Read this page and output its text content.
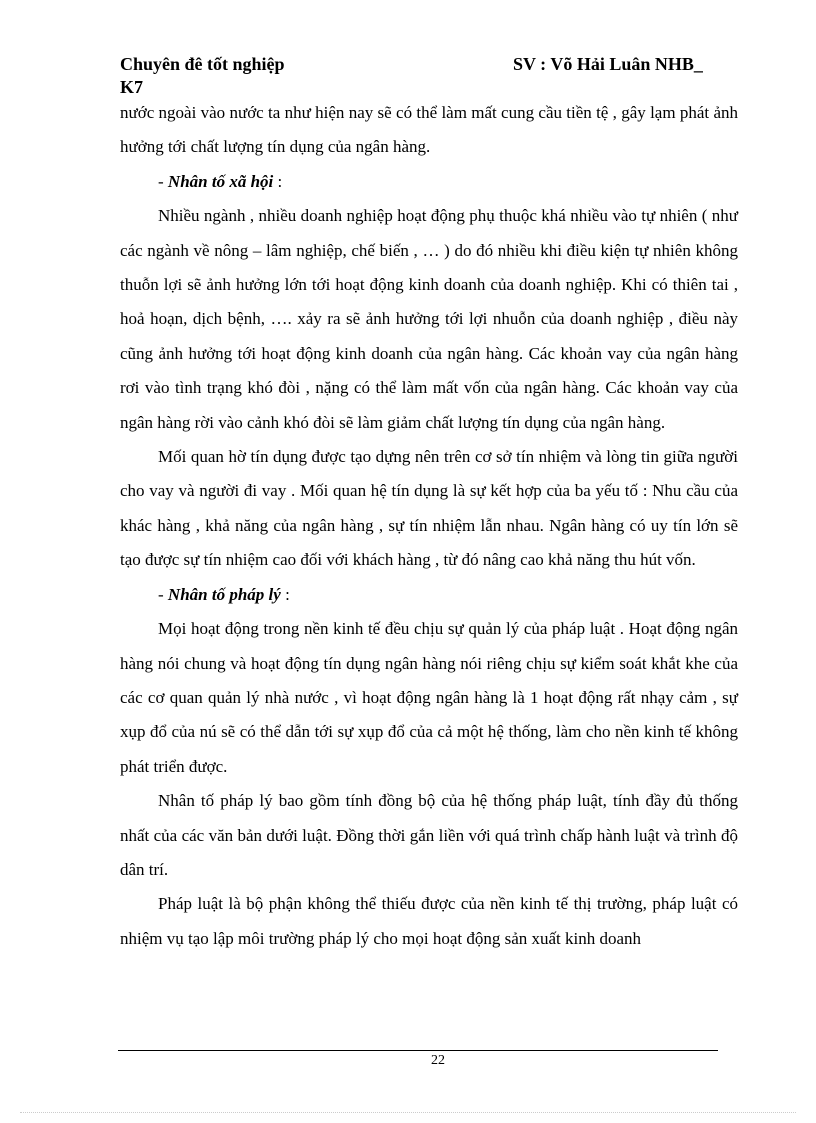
Chuyên đê tốt nghiệp	SV : Võ Hải Luân NHB_
K7

nước ngoài vào nước ta như hiện nay sẽ có thể làm mất cung cầu tiền tệ , gây lạm phát ảnh hưởng tới chất lượng tín dụng của ngân hàng.

- Nhân tố xã hội :

Nhiều ngành , nhiều doanh nghiệp hoạt động phụ thuộc khá nhiều vào tự nhiên ( như các ngành về nông – lâm nghiệp, chế biến , … ) do đó nhiều khi điều kiện tự nhiên không thuỗn lợi sẽ ảnh hưởng lớn tới hoạt động kinh doanh của doanh nghiệp. Khi có thiên tai , hoả hoạn, dịch bệnh, …. xảy ra sẽ ảnh hưởng tới lợi nhuỗn của doanh nghiệp , điều này cũng ảnh hưởng tới hoạt động kinh doanh của ngân hàng. Các khoản vay của ngân hàng rơi vào tình trạng khó đòi , nặng có thể làm mất vốn của ngân hàng. Các khoản vay của ngân hàng rời vào cảnh khó đòi sẽ làm giảm chất lượng tín dụng của ngân hàng.

Mối quan hờ tín dụng được tạo dựng nên trên cơ sở tín nhiệm và lòng tin giữa người cho vay và người đi vay . Mối quan hệ tín dụng là sự kết hợp của ba yếu tố : Nhu cầu của khác hàng , khả năng của ngân hàng , sự tín nhiệm lẫn nhau. Ngân hàng có uy tín lớn sẽ tạo được sự tín nhiệm cao đối với khách hàng , từ đó nâng cao khả năng thu hút vốn.

- Nhân tố pháp lý :

Mọi hoạt động trong nền kinh tế đều chịu sự quản lý của pháp luật . Hoạt động ngân hàng nói chung và hoạt động tín dụng ngân hàng nói riêng chịu sự kiểm soát khắt khe của các cơ quan quản lý nhà nước , vì hoạt động ngân hàng là 1 hoạt động rất nhạy cảm , sự xụp đổ của nú sẽ có thể dẫn tới sự xụp đổ của cả một hệ thống, làm cho nền kinh tế không phát triển được.

Nhân tố pháp lý bao gồm tính đồng bộ của hệ thống pháp luật, tính đầy đủ thống nhất của các văn bản dưới luật. Đồng thời gắn liền với quá trình chấp hành luật và trình độ dân trí.

Pháp luật là bộ phận không thể thiếu được của nền kinh tế thị trường, pháp luật có nhiệm vụ tạo lập môi trường pháp lý cho mọi hoạt động sản xuất kinh doanh

22
